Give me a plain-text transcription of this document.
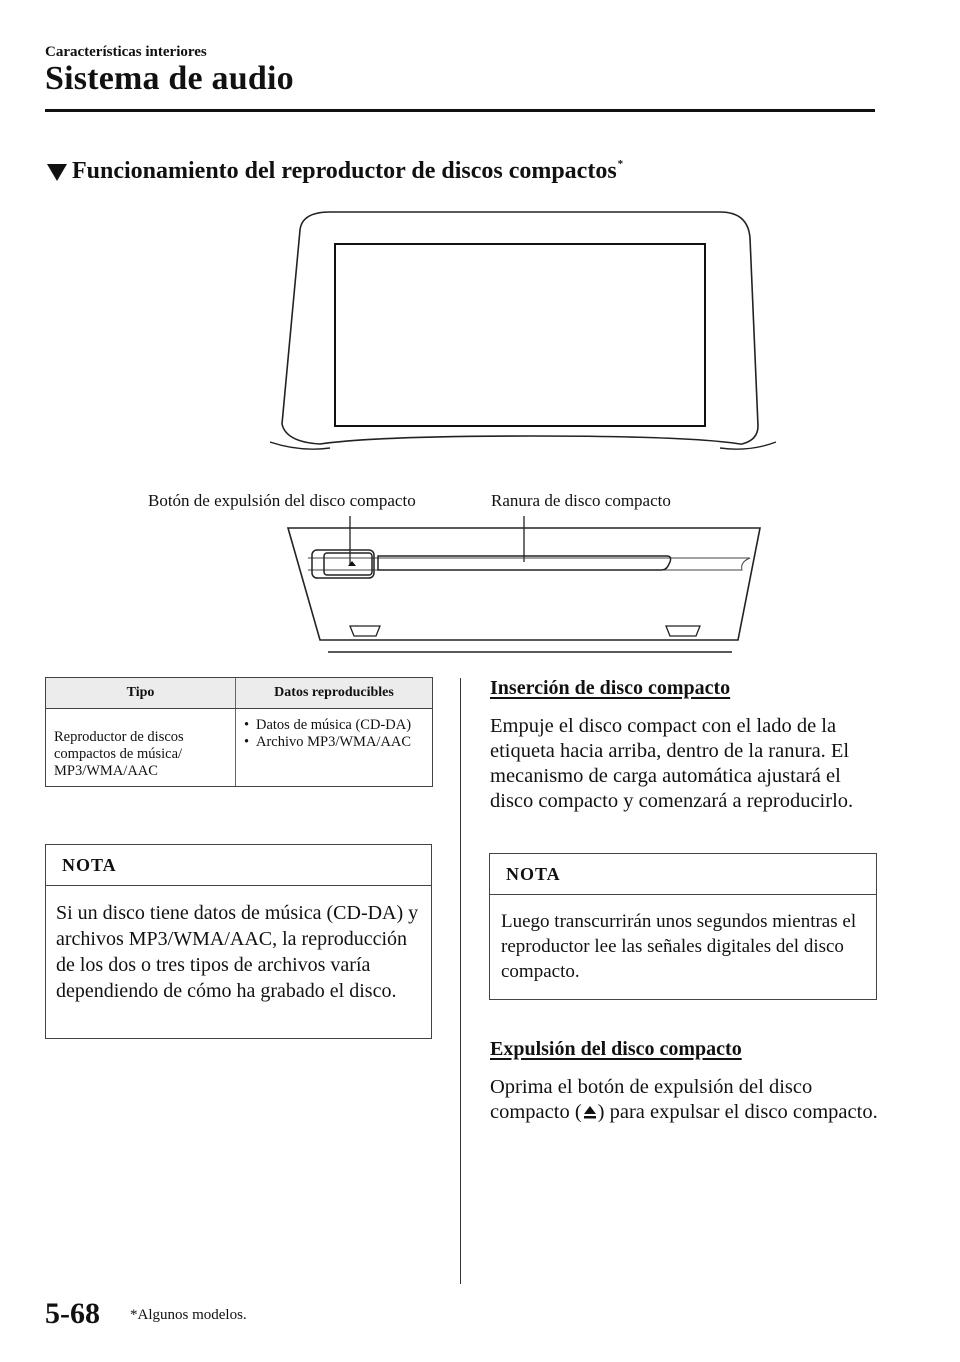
Características interiores
Sistema de audio
Funcionamiento del reproductor de discos compactos*
Botón de expulsión del disco compacto	Ranura de disco compacto
Tipo	Datos reproducibles
Reproductor de discos compactos de música/ MP3/WMA/AAC	• Datos de música (CD-DA)
• Archivo MP3/WMA/AAC
NOTA
Si un disco tiene datos de música (CD-DA) y archivos MP3/WMA/AAC, la reproducción de los dos o tres tipos de archivos varía dependiendo de cómo ha grabado el disco.
Inserción de disco compacto
Empuje el disco compact con el lado de la etiqueta hacia arriba, dentro de la ranura. El mecanismo de carga automática ajustará el disco compacto y comenzará a reproducirlo.
NOTA
Luego transcurrirán unos segundos mientras el reproductor lee las señales digitales del disco compacto.
Expulsión del disco compacto
Oprima el botón de expulsión del disco compacto ( ) para expulsar el disco compacto.
5-68 *Algunos modelos.
